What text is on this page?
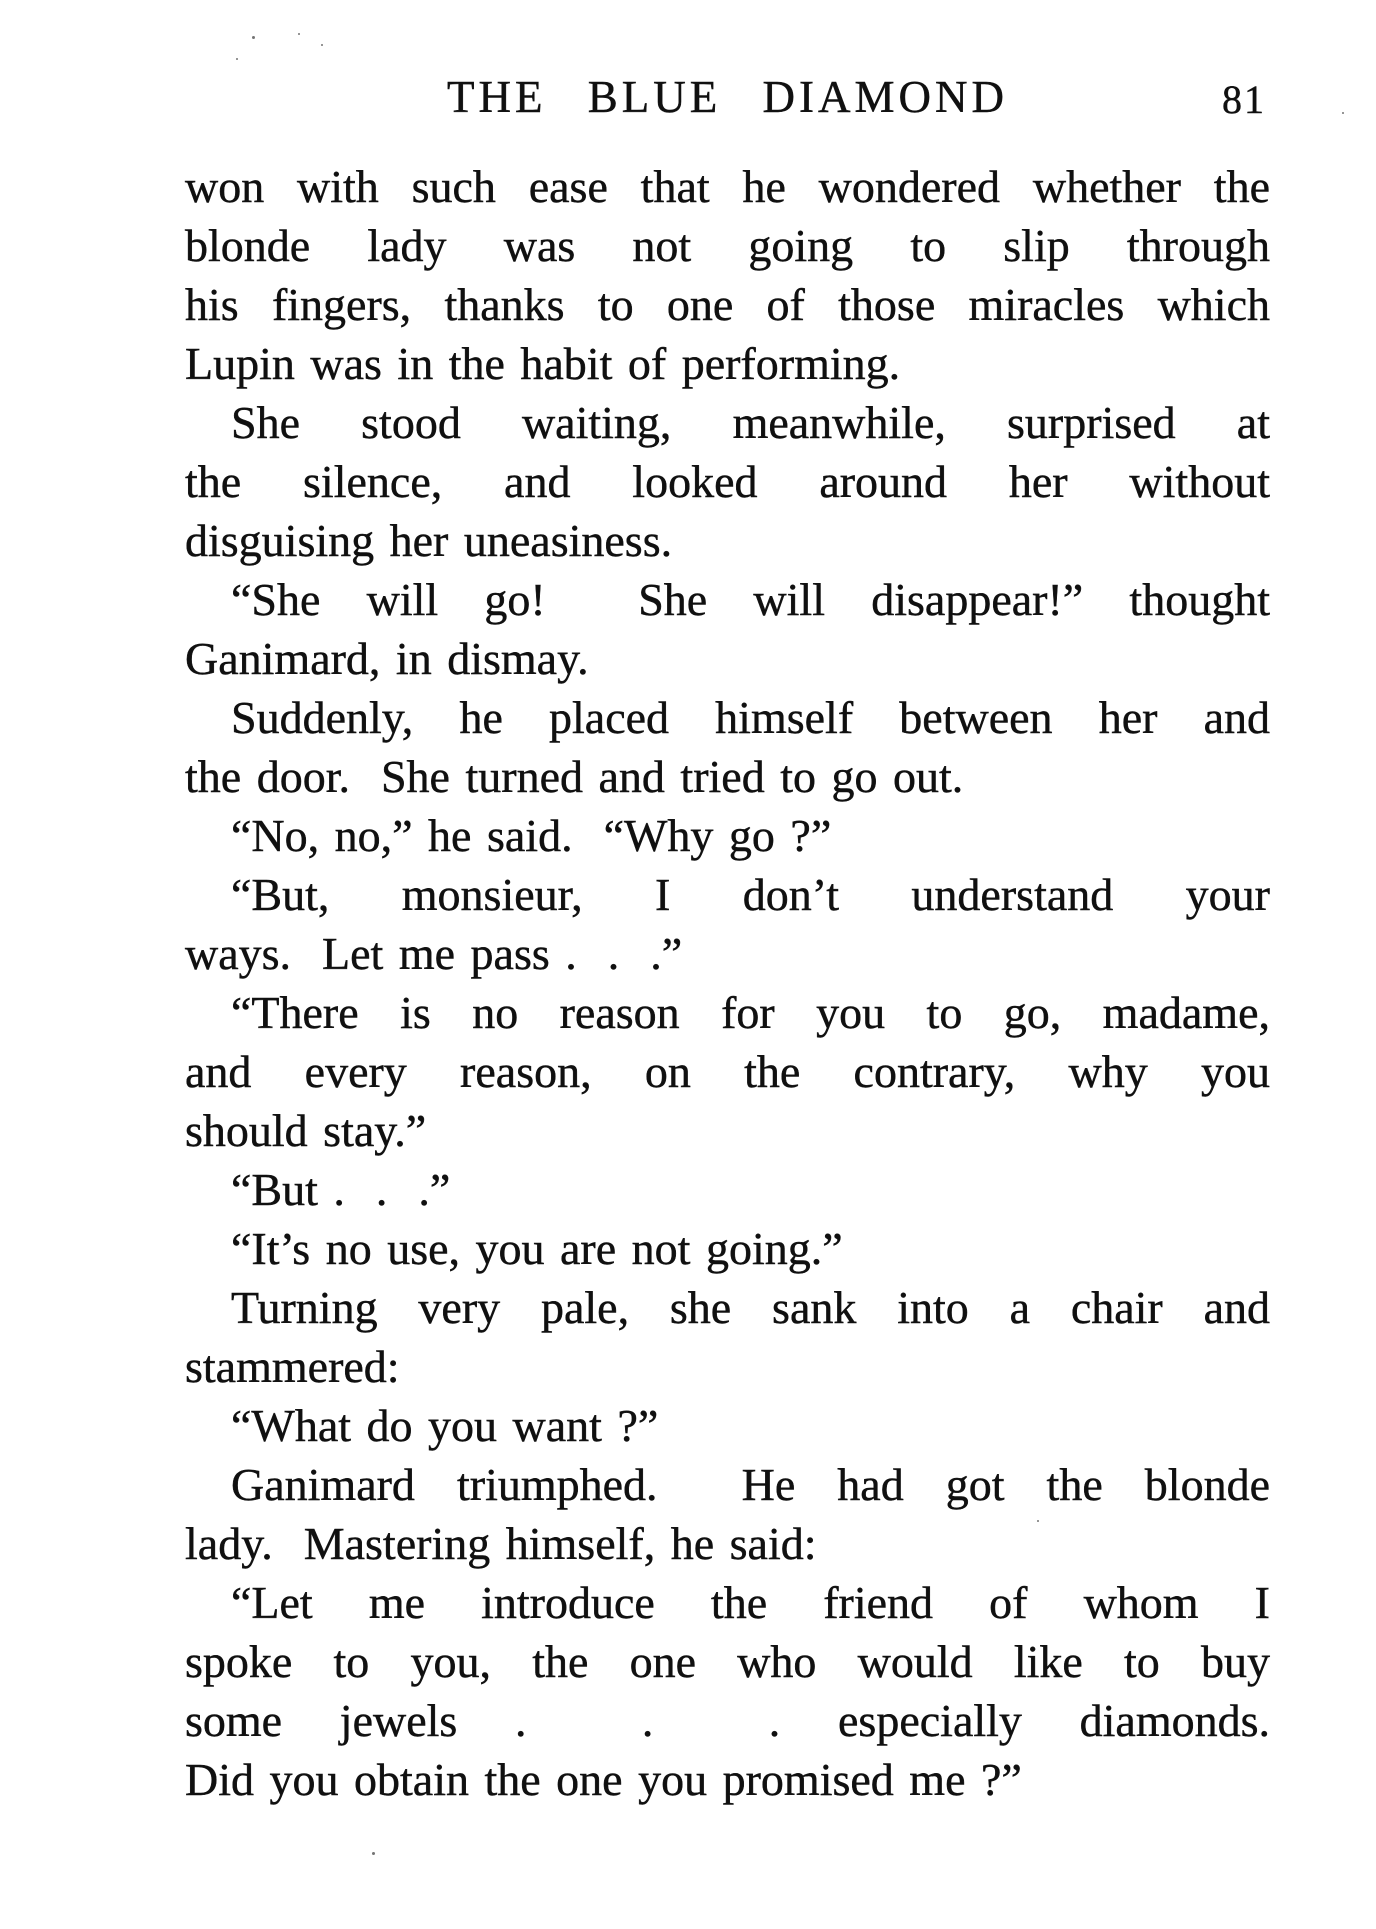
THE BLUE DIAMOND	81
won with such ease that he wondered whether the
blonde lady was not going to slip through
his fingers, thanks to one of those miracles which
Lupin was in the habit of performing.
She stood waiting, meanwhile, surprised at
the silence, and looked around her without
disguising her uneasiness.
“She will go!  She will disappear!” thought
Ganimard, in dismay.
Suddenly, he placed himself between her and
the door.  She turned and tried to go out.
“No, no,” he said.  “Why go ?”
“But, monsieur, I don’t understand your
ways.  Let me pass .  .  .”
“There is no reason for you to go, madame,
and every reason, on the contrary, why you
should stay.”
“But .  .  .”
“It’s no use, you are not going.”
Turning very pale, she sank into a chair and
stammered:
“What do you want ?”
Ganimard triumphed.  He had got the blonde
lady.  Mastering himself, he said:
“Let me introduce the friend of whom I
spoke to you, the one who would like to buy
some jewels .  .  . especially diamonds.
Did you obtain the one you promised me ?”
